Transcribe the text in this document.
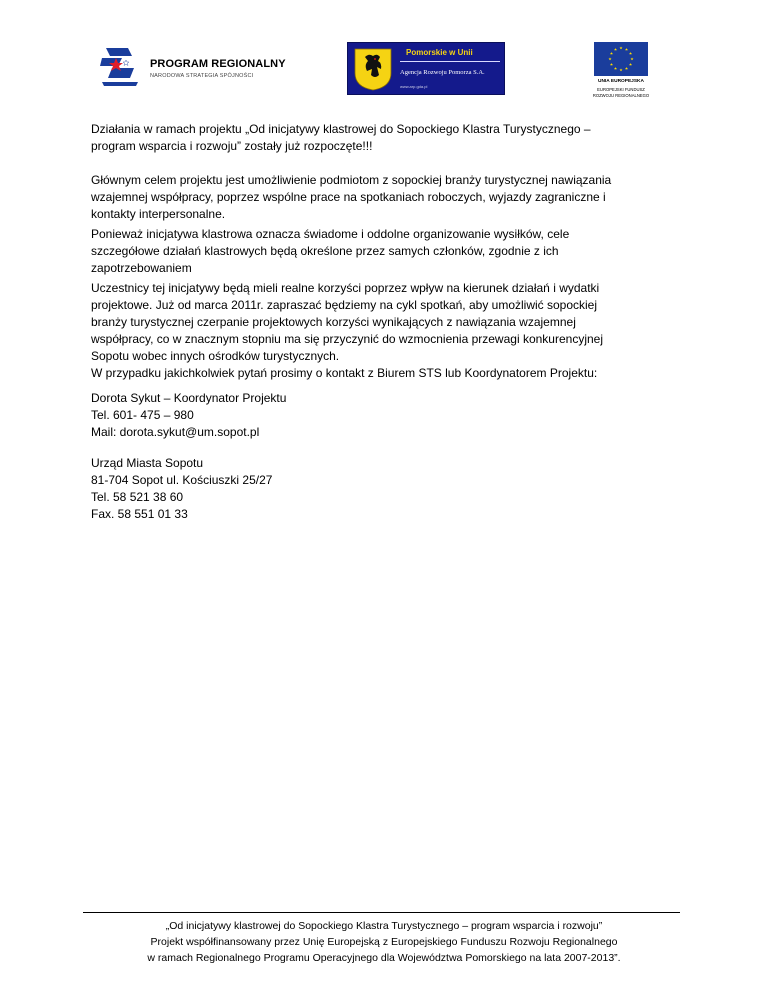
PROGRAM REGIONALNY
NARODOWA STRATEGIA SPÓJNOŚCI
Pomorskie w Unii
Agencja Rozwoju Pomorza S.A.
www.arp.gda.pl
UNIA EUROPEJSKA
EUROPEJSKI FUNDUSZ
ROZWOJU REGIONALNEGO
Działania w ramach projektu „Od inicjatywy klastrowej do Sopockiego Klastra Turystycznego –
program wsparcia i rozwoju” zostały już rozpoczęte!!!
Głównym celem projektu jest umożliwienie podmiotom z sopockiej branży turystycznej nawiązania
wzajemnej współpracy, poprzez wspólne prace na spotkaniach roboczych, wyjazdy zagraniczne i
kontakty interpersonalne.
Ponieważ inicjatywa klastrowa oznacza świadome i oddolne organizowanie wysiłków, cele
szczegółowe działań klastrowych będą określone przez samych członków, zgodnie z ich
zapotrzebowaniem
Uczestnicy tej inicjatywy będą mieli realne korzyści poprzez wpływ na kierunek działań i wydatki
projektowe. Już od marca 2011r. zapraszać będziemy na cykl spotkań, aby umożliwić sopockiej
branży turystycznej czerpanie projektowych korzyści wynikających z nawiązania wzajemnej
współpracy, co w znacznym stopniu ma się przyczynić do wzmocnienia przewagi konkurencyjnej
Sopotu wobec innych ośrodków turystycznych.
W przypadku jakichkolwiek pytań prosimy o kontakt z Biurem STS lub Koordynatorem Projektu:
Dorota Sykut – Koordynator Projektu
Tel. 601- 475 – 980
Mail: dorota.sykut@um.sopot.pl
Urząd Miasta Sopotu
81-704 Sopot ul. Kościuszki 25/27
Tel. 58 521 38 60
Fax. 58 551 01 33
„Od inicjatywy klastrowej do Sopockiego Klastra Turystycznego – program wsparcia i rozwoju”
Projekt współfinansowany przez Unię Europejską z Europejskiego Funduszu Rozwoju Regionalnego
w ramach Regionalnego Programu Operacyjnego dla Województwa Pomorskiego na lata 2007-2013”.
